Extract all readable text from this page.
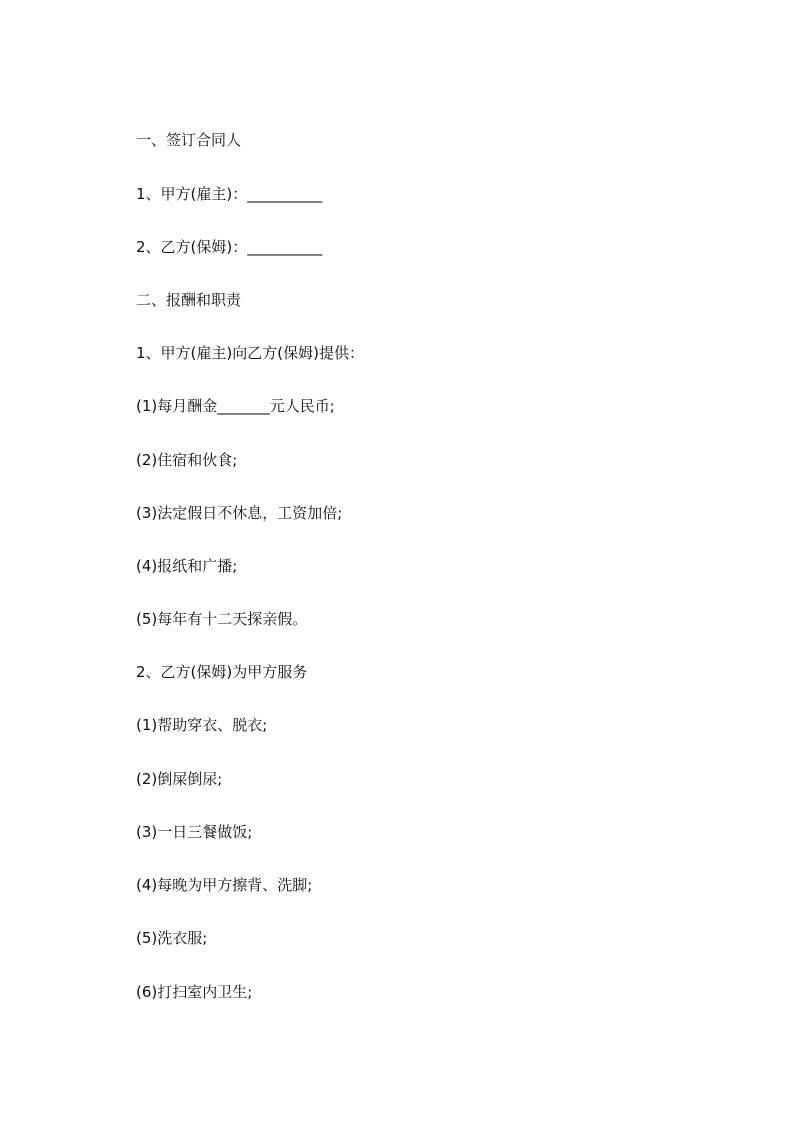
一、签订合同人

1、甲方(雇主)：__________

2、乙方(保姆)：__________

二、报酬和职责

1、甲方(雇主)向乙方(保姆)提供：

(1)每月酬金_______元人民币;

(2)住宿和伙食;

(3)法定假日不休息，工资加倍;

(4)报纸和广播;

(5)每年有十二天探亲假。

2、乙方(保姆)为甲方服务

(1)帮助穿衣、脱衣;

(2)倒屎倒尿;

(3)一日三餐做饭;

(4)每晚为甲方擦背、洗脚;

(5)洗衣服;

(6)打扫室内卫生;
